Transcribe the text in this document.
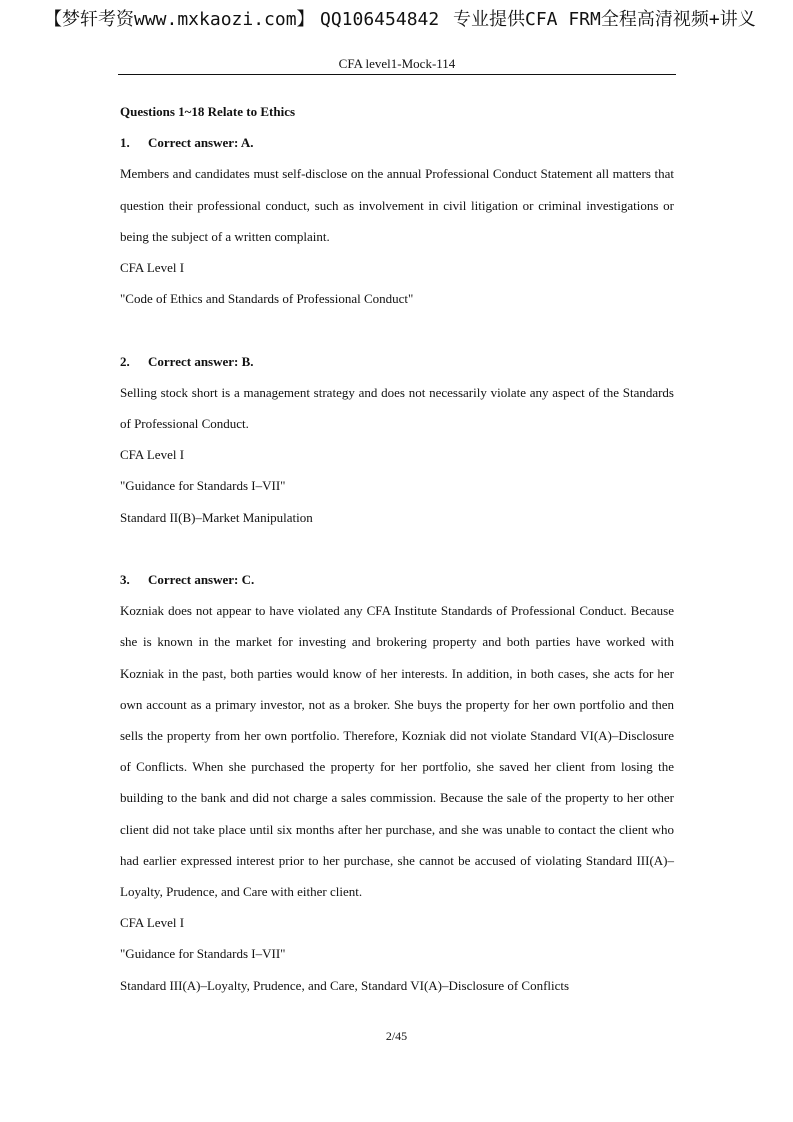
【梦轩考资www.mxkaozi.com】 QQ106454842 专业提供CFA FRM全程高清视频+讲义
CFA level1-Mock-114

Questions 1~18 Relate to Ethics

1. Correct answer: A.

Members and candidates must self-disclose on the annual Professional Conduct Statement all matters that question their professional conduct, such as involvement in civil litigation or criminal investigations or being the subject of a written complaint.

CFA Level I

"Code of Ethics and Standards of Professional Conduct"

2. Correct answer: B.

Selling stock short is a management strategy and does not necessarily violate any aspect of the Standards of Professional Conduct.

CFA Level I

"Guidance for Standards I–VII"

Standard II(B)–Market Manipulation

3. Correct answer: C.

Kozniak does not appear to have violated any CFA Institute Standards of Professional Conduct. Because she is known in the market for investing and brokering property and both parties have worked with Kozniak in the past, both parties would know of her interests. In addition, in both cases, she acts for her own account as a primary investor, not as a broker. She buys the property for her own portfolio and then sells the property from her own portfolio. Therefore, Kozniak did not violate Standard VI(A)–Disclosure of Conflicts. When she purchased the property for her portfolio, she saved her client from losing the building to the bank and did not charge a sales commission. Because the sale of the property to her other client did not take place until six months after her purchase, and she was unable to contact the client who had earlier expressed interest prior to her purchase, she cannot be accused of violating Standard III(A)–Loyalty, Prudence, and Care with either client.

CFA Level I

"Guidance for Standards I–VII"

Standard III(A)–Loyalty, Prudence, and Care, Standard VI(A)–Disclosure of Conflicts

2/45
